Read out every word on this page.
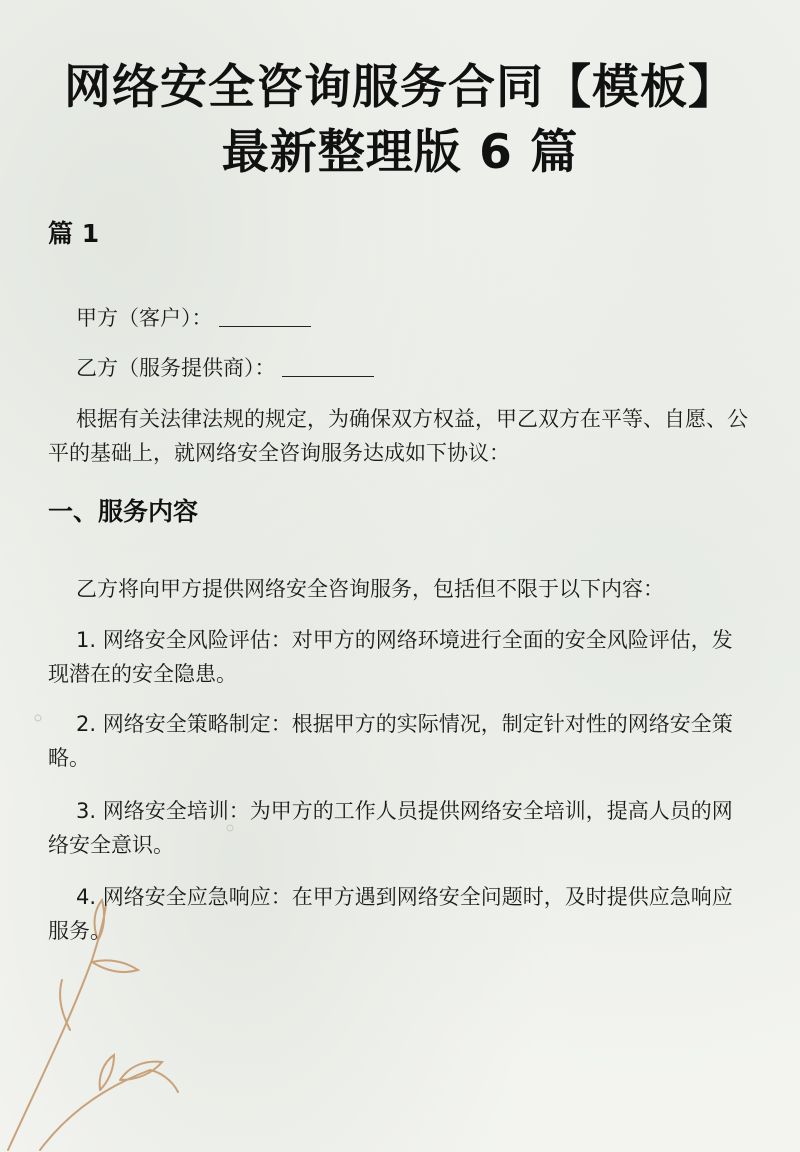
网络安全咨询服务合同【模板】
最新整理版 6 篇
篇 1
甲方（客户）：
乙方（服务提供商）：

根据有关法律法规的规定，为确保双方权益，甲乙双方在平等、自愿、公平的基础上，就网络安全咨询服务达成如下协议：

一、服务内容

乙方将向甲方提供网络安全咨询服务，包括但不限于以下内容：

1. 网络安全风险评估：对甲方的网络环境进行全面的安全风险评估，发现潜在的安全隐患。

2. 网络安全策略制定：根据甲方的实际情况，制定针对性的网络安全策略。

3. 网络安全培训：为甲方的工作人员提供网络安全培训，提高人员的网络安全意识。

4. 网络安全应急响应：在甲方遇到网络安全问题时，及时提供应急响应服务。
